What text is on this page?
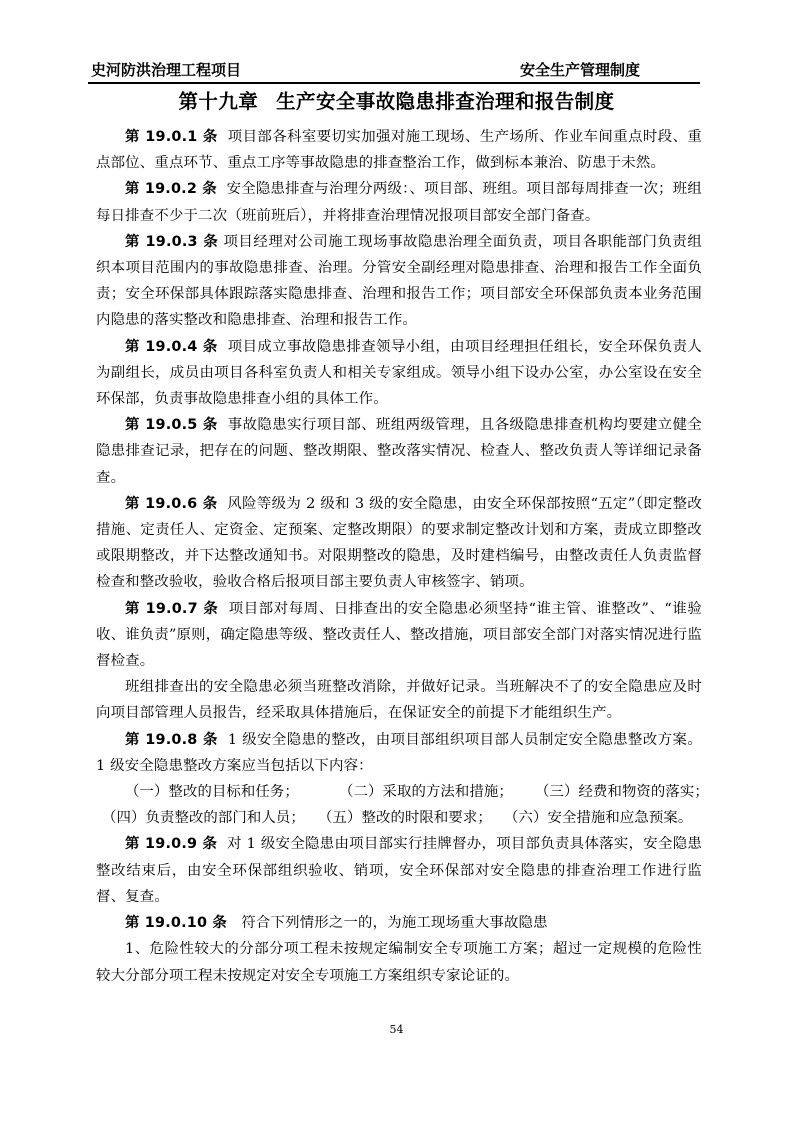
史河防洪治理工程项目	安全生产管理制度
第十九章 生产安全事故隐患排查治理和报告制度

第 19.0.1 条 项目部各科室要切实加强对施工现场、生产场所、作业车间重点时段、重点部位、重点环节、重点工序等事故隐患的排查整治工作，做到标本兼治、防患于未然。

第 19.0.2 条 安全隐患排查与治理分两级：、项目部、班组。项目部每周排查一次；班组每日排查不少于二次（班前班后），并将排查治理情况报项目部安全部门备查。

第 19.0.3 条 项目经理对公司施工现场事故隐患治理全面负责，项目各职能部门负责组织本项目范围内的事故隐患排查、治理。分管安全副经理对隐患排查、治理和报告工作全面负责；安全环保部具体跟踪落实隐患排查、治理和报告工作；项目部安全环保部负责本业务范围内隐患的落实整改和隐患排查、治理和报告工作。

第 19.0.4 条 项目成立事故隐患排查领导小组，由项目经理担任组长，安全环保负责人为副组长，成员由项目各科室负责人和相关专家组成。领导小组下设办公室，办公室设在安全环保部，负责事故隐患排查小组的具体工作。

第 19.0.5 条 事故隐患实行项目部、班组两级管理，且各级隐患排查机构均要建立健全隐患排查记录，把存在的问题、整改期限、整改落实情况、检查人、整改负责人等详细记录备查。

第 19.0.6 条 风险等级为 2 级和 3 级的安全隐患，由安全环保部按照“五定”（即定整改措施、定责任人、定资金、定预案、定整改期限）的要求制定整改计划和方案，责成立即整改或限期整改，并下达整改通知书。对限期整改的隐患，及时建档编号，由整改责任人负责监督检查和整改验收，验收合格后报项目部主要负责人审核签字、销项。

第 19.0.7 条 项目部对每周、日排查出的安全隐患必须坚持“谁主管、谁整改”、“谁验收、谁负责”原则，确定隐患等级、整改责任人、整改措施，项目部安全部门对落实情况进行监督检查。

班组排查出的安全隐患必须当班整改消除，并做好记录。当班解决不了的安全隐患应及时向项目部管理人员报告，经采取具体措施后，在保证安全的前提下才能组织生产。

第 19.0.8 条 1 级安全隐患的整改，由项目部组织项目部人员制定安全隐患整改方案。1 级安全隐患整改方案应当包括以下内容：

（一）整改的目标和任务；	（二）采取的方法和措施； （三）经费和物资的落实；

（四）负责整改的部门和人员； （五）整改的时限和要求； （六）安全措施和应急预案。

第 19.0.9 条 对 1 级安全隐患由项目部实行挂牌督办，项目部负责具体落实，安全隐患整改结束后，由安全环保部组织验收、销项，安全环保部对安全隐患的排查治理工作进行监督、复查。

第 19.0.10 条 符合下列情形之一的，为施工现场重大事故隐患

1、危险性较大的分部分项工程未按规定编制安全专项施工方案；超过一定规模的危险性较大分部分项工程未按规定对安全专项施工方案组织专家论证的。

54
